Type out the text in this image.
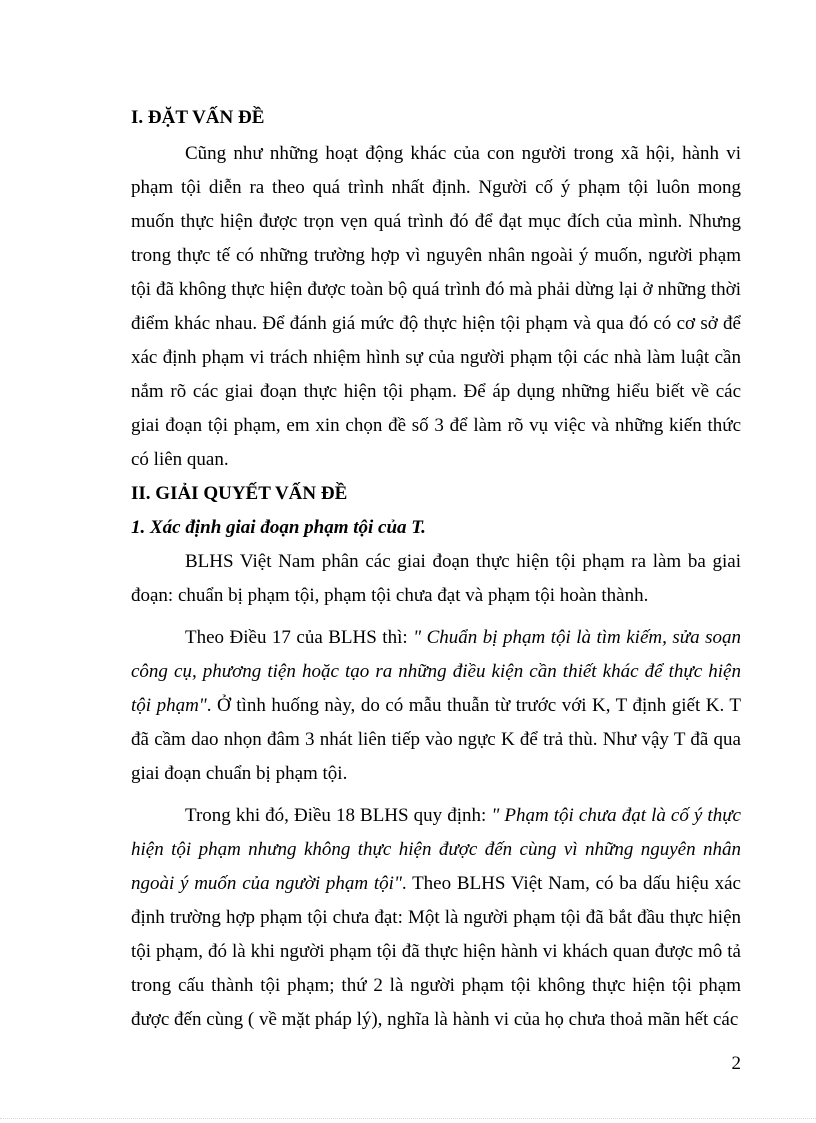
I. ĐẶT VẤN ĐỀ

Cũng như những hoạt động khác của con người trong xã hội, hành vi phạm tội diễn ra theo quá trình nhất định. Người cố ý phạm tội luôn mong muốn thực hiện được trọn vẹn quá trình đó để đạt mục đích của mình. Nhưng trong thực tế có những trường hợp vì nguyên nhân ngoài ý muốn, người phạm tội đã không thực hiện được toàn bộ quá trình đó mà phải dừng lại ở những thời điểm khác nhau. Để đánh giá mức độ thực hiện tội phạm và qua đó có cơ sở để xác định phạm vi trách nhiệm hình sự của người phạm tội các nhà làm luật cần nắm rõ các giai đoạn thực hiện tội phạm. Để áp dụng những hiểu biết về các giai đoạn tội phạm, em xin chọn đề số 3 để làm rõ vụ việc và những kiến thức có liên quan.

II. GIẢI QUYẾT VẤN ĐỀ

1. Xác định giai đoạn phạm tội của T.

BLHS Việt Nam phân các giai đoạn thực hiện tội phạm ra làm ba giai đoạn: chuẩn bị phạm tội, phạm tội chưa đạt và phạm tội hoàn thành.

Theo Điều 17 của BLHS thì: " Chuẩn bị phạm tội là tìm kiếm, sửa soạn công cụ, phương tiện hoặc tạo ra những điều kiện cần thiết khác để thực hiện tội phạm". Ở tình huống này, do có mẫu thuẫn từ trước với K, T định giết K. T đã cầm dao nhọn đâm 3 nhát liên tiếp vào ngực K để trả thù. Như vậy T đã qua giai đoạn chuẩn bị phạm tội.

Trong khi đó, Điều 18 BLHS quy định: " Phạm tội chưa đạt là cố ý thực hiện tội phạm nhưng không thực hiện được đến cùng vì những nguyên nhân ngoài ý muốn của người phạm tội". Theo BLHS Việt Nam, có ba dấu hiệu xác định trường hợp phạm tội chưa đạt: Một là người phạm tội đã bắt đầu thực hiện tội phạm, đó là khi người phạm tội đã thực hiện hành vi khách quan được mô tả trong cấu thành tội phạm; thứ 2 là người phạm tội không thực hiện tội phạm được đến cùng ( về mặt pháp lý), nghĩa là hành vi của họ chưa thoả mãn hết các

2
